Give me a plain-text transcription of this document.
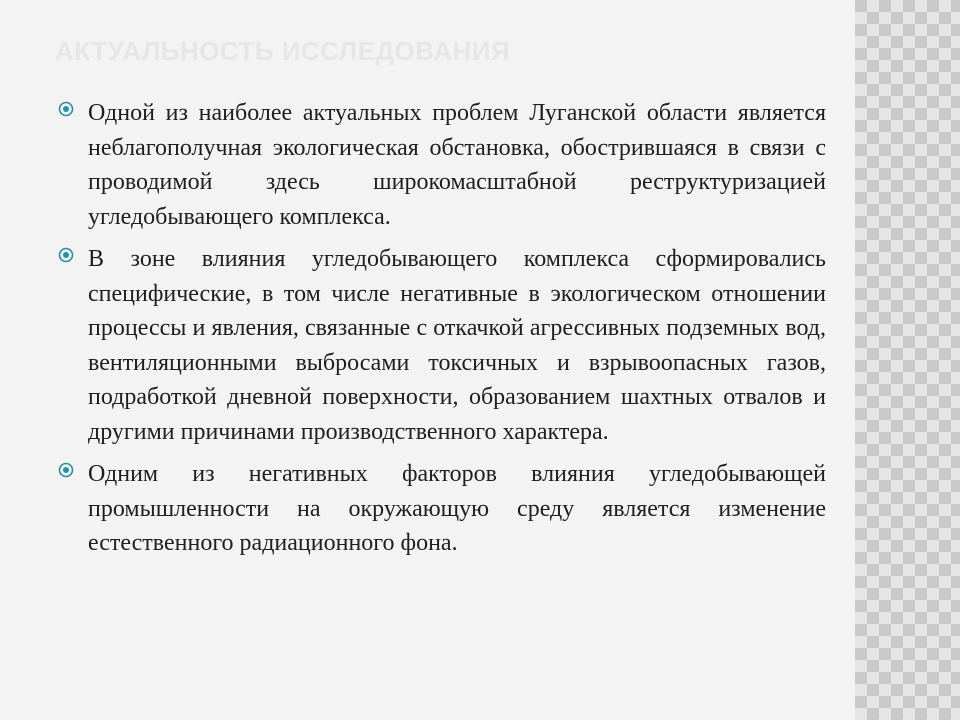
АКТУАЛЬНОСТЬ ИССЛЕДОВАНИЯ

Одной из наиболее актуальных проблем Луганской области является неблагополучная экологическая обстановка, обострившаяся в связи с проводимой здесь широкомасштабной реструктуризацией угледобывающего комплекса.

В зоне влияния угледобывающего комплекса сформировались специфические, в том числе негативные в экологическом отношении процессы и явления, связанные с откачкой агрессивных подземных вод, вентиляционными выбросами токсичных и взрывоопасных газов, подработкой дневной поверхности, образованием шахтных отвалов и другими причинами производственного характера.

Одним из негативных факторов влияния угледобывающей промышленности на окружающую среду является изменение естественного радиационного фона.
